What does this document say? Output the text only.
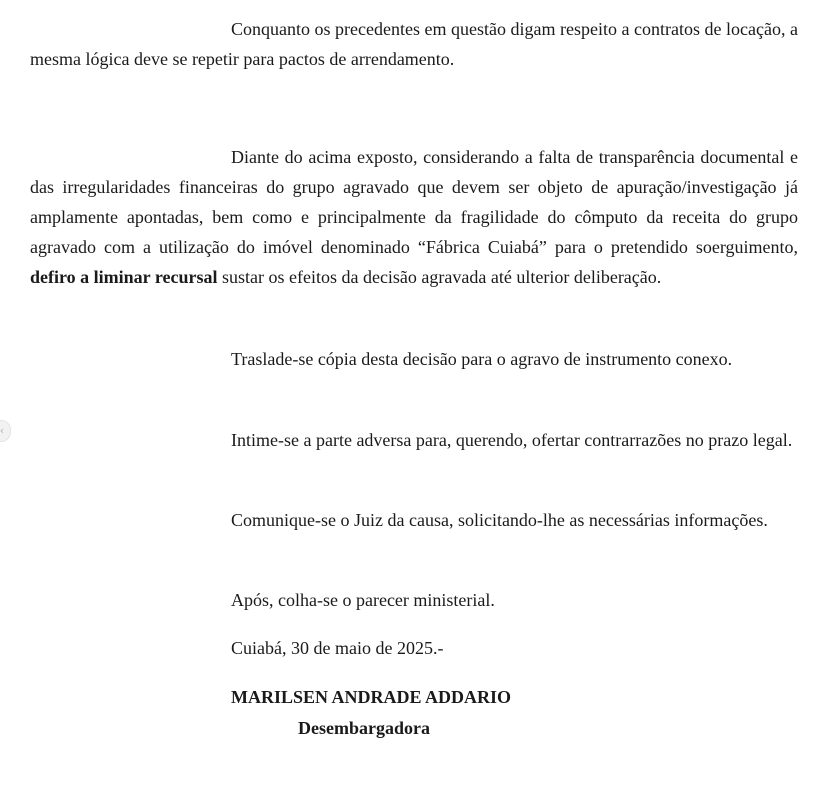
‹

Conquanto os precedentes em questão digam respeito a contratos de locação, a mesma lógica deve se repetir para pactos de arrendamento.

Diante do acima exposto, considerando a falta de transparência documental e das irregularidades financeiras do grupo agravado que devem ser objeto de apuração/investigação já amplamente apontadas, bem como e principalmente da fragilidade do cômputo da receita do grupo agravado com a utilização do imóvel denominado “Fábrica Cuiabá” para o pretendido soerguimento, defiro a liminar recursal sustar os efeitos da decisão agravada até ulterior deliberação.

Traslade-se cópia desta decisão para o agravo de instrumento conexo.

Intime-se a parte adversa para, querendo, ofertar contrarrazões no prazo legal.

Comunique-se o Juiz da causa, solicitando-lhe as necessárias informações.

Após, colha-se o parecer ministerial.

Cuiabá, 30 de maio de 2025.-

MARILSEN ANDRADE ADDARIO

Desembargadora
